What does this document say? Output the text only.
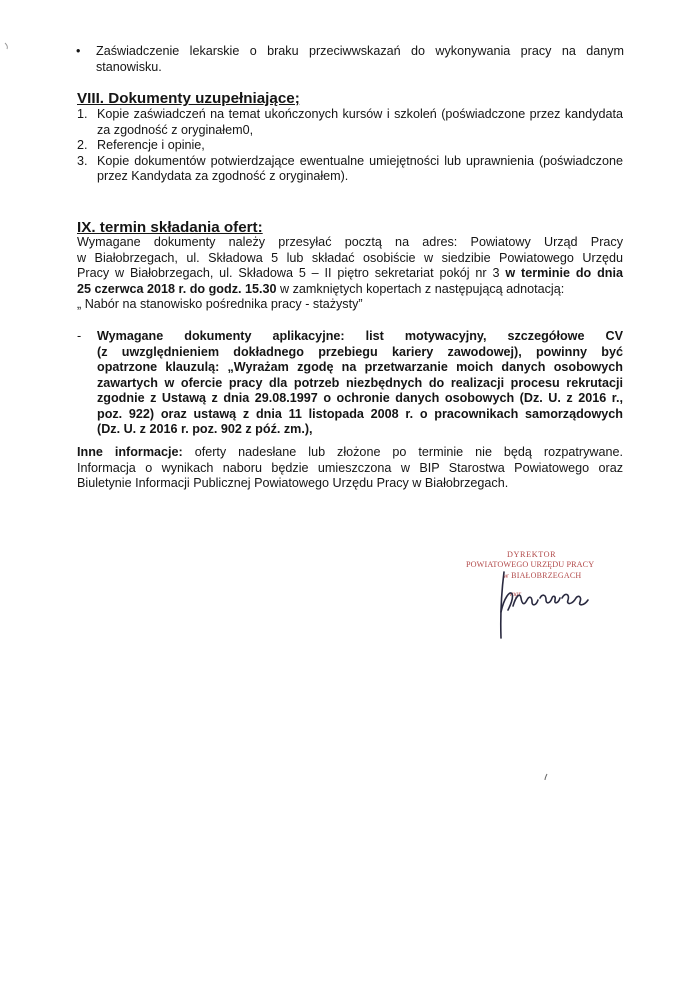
•	Zaświadczenie lekarskie o braku przeciwwskazań do wykonywania pracy na danym stanowisku.
VIII. Dokumenty uzupełniające;
1. Kopie zaświadczeń na temat ukończonych kursów i szkoleń (poświadczone przez kandydata za zgodność z oryginałem0,
2. Referencje i opinie,
3. Kopie dokumentów potwierdzające ewentualne umiejętności lub uprawnienia (poświadczone przez Kandydata za zgodność z oryginałem).
IX. termin składania ofert:
Wymagane dokumenty należy przesyłać pocztą na adres: Powiatowy Urząd Pracy
w Białobrzegach, ul. Składowa 5 lub składać osobiście w siedzibie Powiatowego Urzędu
Pracy w Białobrzegach, ul. Składowa 5 – II piętro sekretariat pokój nr 3 w terminie do dnia
25 czerwca 2018 r. do godz. 15.30 w zamkniętych kopertach z następującą adnotacją:
„ Nabór na stanowisko pośrednika pracy - stażysty”
- Wymagane dokumenty aplikacyjne: list motywacyjny, szczegółowe CV
(z uwzględnieniem dokładnego przebiegu kariery zawodowej), powinny być
opatrzone klauzulą: „Wyrażam zgodę na przetwarzanie moich danych osobowych
zawartych w ofercie pracy dla potrzeb niezbędnych do realizacji procesu rekrutacji
zgodnie z Ustawą z dnia 29.08.1997 o ochronie danych osobowych (Dz. U. z 2016 r.,
poz. 922) oraz ustawą z dnia 11 listopada 2008 r. o pracownikach samorządowych
(Dz. U. z 2016 r. poz. 902 z póź. zm.),
Inne informacje: oferty nadesłane lub złożone po terminie nie będą rozpatrywane.
Informacja o wynikach naboru będzie umieszczona w BIP Starostwa Powiatowego oraz
Biuletynie Informacji Publicznej Powiatowego Urzędu Pracy w Białobrzegach.
DYREKTOR
POWIATOWEGO URZĘDU PRACY
w BIAŁOBRZEGACH
mgr
